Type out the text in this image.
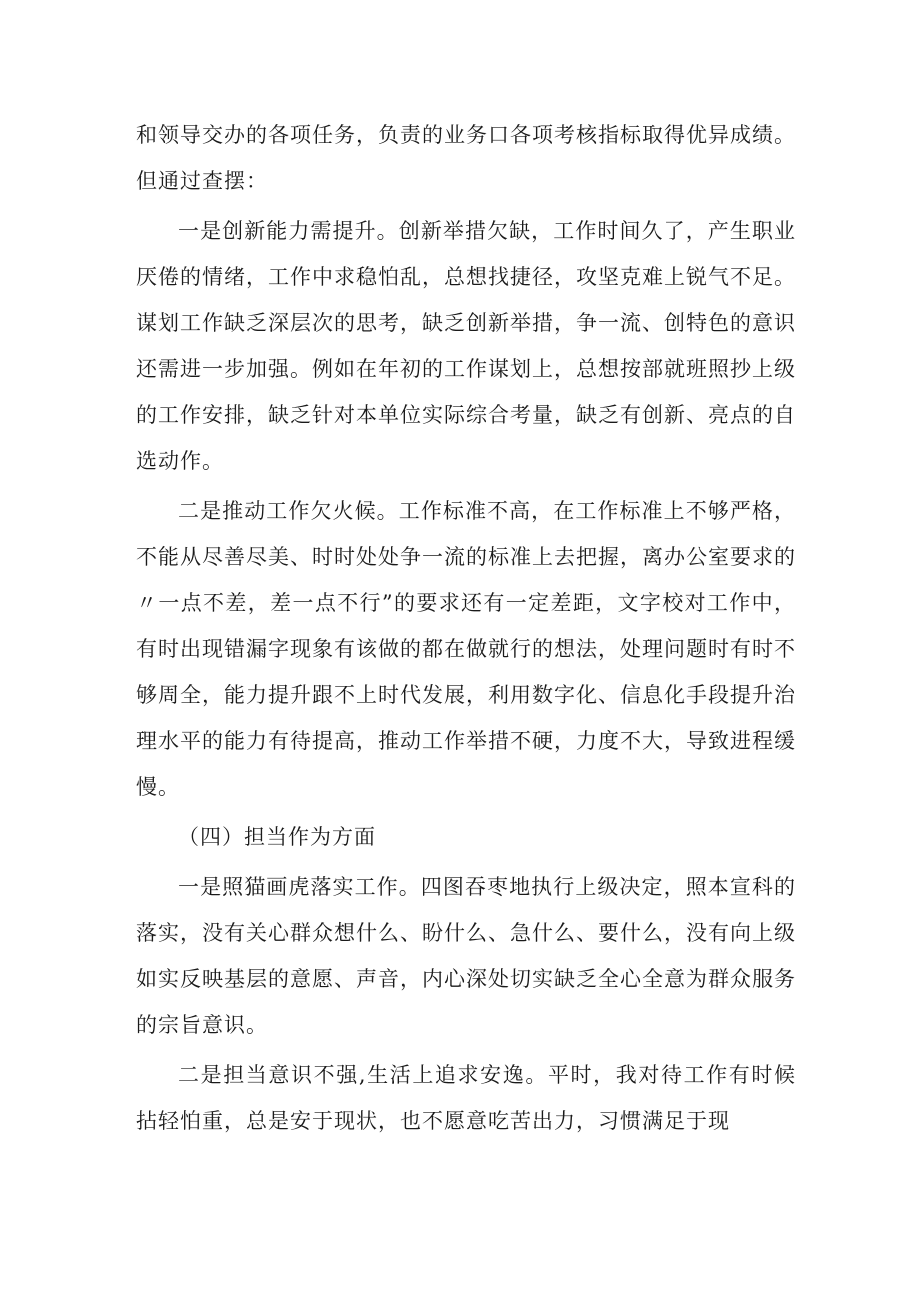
和领导交办的各项任务，负责的业务口各项考核指标取得优异成绩。但通过查摆：

一是创新能力需提升。创新举措欠缺，工作时间久了，产生职业厌倦的情绪，工作中求稳怕乱，总想找捷径，攻坚克难上锐气不足。谋划工作缺乏深层次的思考，缺乏创新举措，争一流、创特色的意识还需进一步加强。例如在年初的工作谋划上，总想按部就班照抄上级的工作安排，缺乏针对本单位实际综合考量，缺乏有创新、亮点的自选动作。

二是推动工作欠火候。工作标准不高，在工作标准上不够严格，不能从尽善尽美、时时处处争一流的标准上去把握，离办公室要求的〃一点不差，差一点不行”的要求还有一定差距，文字校对工作中，有时出现错漏字现象有该做的都在做就行的想法，处理问题时有时不够周全，能力提升跟不上时代发展，利用数字化、信息化手段提升治理水平的能力有待提高，推动工作举措不硬，力度不大，导致进程缓慢。

（四）担当作为方面

一是照猫画虎落实工作。四图吞枣地执行上级决定，照本宣科的落实，没有关心群众想什么、盼什么、急什么、要什么，没有向上级如实反映基层的意愿、声音，内心深处切实缺乏全心全意为群众服务的宗旨意识。

二是担当意识不强,生活上追求安逸。平时，我对待工作有时候拈轻怕重，总是安于现状，也不愿意吃苦出力，习惯满足于现
